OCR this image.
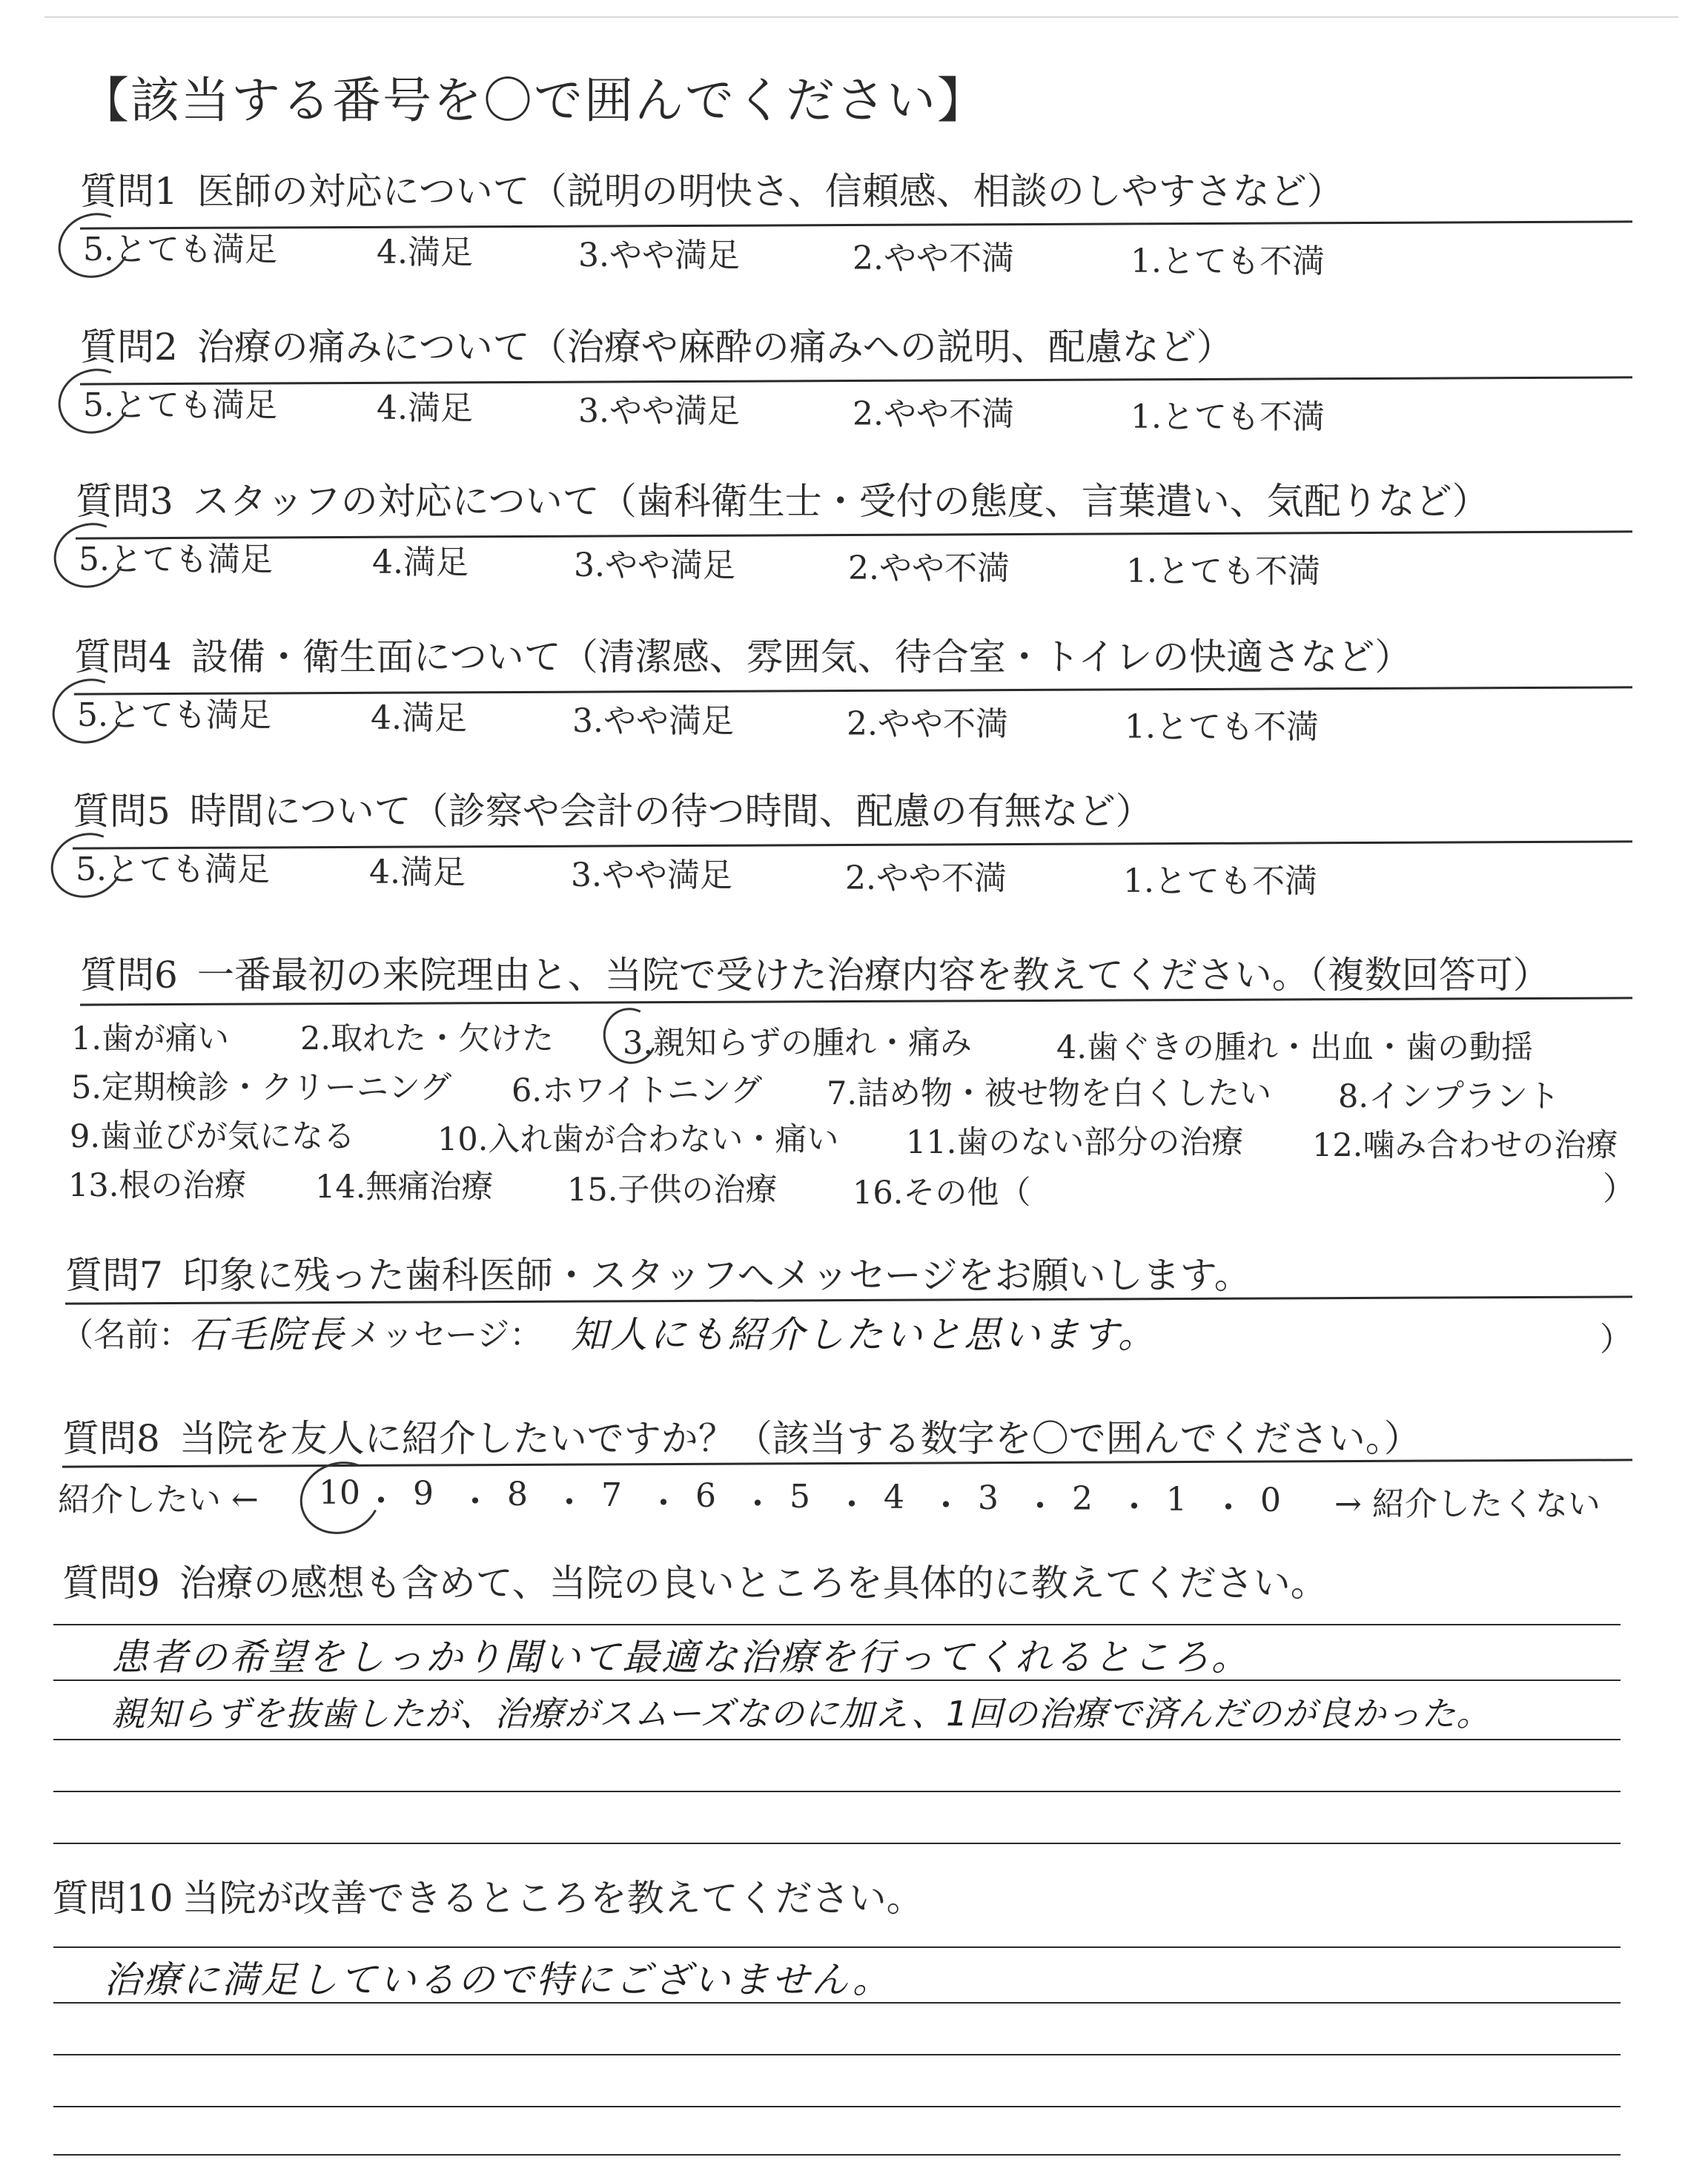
【該当する番号を〇で囲んでください】
質問1 医師の対応について（説明の明快さ、信頼感、相談のしやすさなど）
5.とても満足	4.満足	3.やや満足	2.やや不満	1.とても不満
質問2 治療の痛みについて（治療や麻酔の痛みへの説明、配慮など）
5.とても満足	4.満足	3.やや満足	2.やや不満	1.とても不満
質問3 スタッフの対応について（歯科衛生士・受付の態度、言葉遣い、気配りなど）
5.とても満足	4.満足	3.やや満足	2.やや不満	1.とても不満
質問4 設備・衛生面について（清潔感、雰囲気、待合室・トイレの快適さなど）
5.とても満足	4.満足	3.やや満足	2.やや不満	1.とても不満
質問5 時間について（診察や会計の待つ時間、配慮の有無など）
5.とても満足	4.満足	3.やや満足	2.やや不満	1.とても不満
質問6 一番最初の来院理由と、当院で受けた治療内容を教えてください。（複数回答可）
1.歯が痛い 2.取れた・欠けた 3.親知らずの腫れ・痛み	4.歯ぐきの腫れ・出血・歯の動揺
5.定期検診・クリーニング 6.ホワイトニング 7.詰め物・被せ物を白くしたい 8.インプラント
9.歯並びが気になる	10.入れ歯が合わない・痛い 11.歯のない部分の治療 12.噛み合わせの治療
13.根の治療 14.無痛治療 15.子供の治療 16.その他（	）
質問7 印象に残った歯科医師・スタッフへメッセージをお願いします。
（名前：
石毛院長 メッセージ： 知人にも紹介したいと思います。	）
質問8 当院を友人に紹介したいですか？（該当する数字を〇で囲んでください。）
紹介したい ← 10 ・ 9 ・ 8 ・ 7 ・ 6 ・ 5 ・ 4 ・ 3 ・ 2 ・ 1 ・ 0 → 紹介したくない
質問9 治療の感想も含めて、当院の良いところを具体的に教えてください。
患者の希望をしっかり聞いて最適な治療を行ってくれるところ。
親知らずを抜歯したが、治療がスムーズなのに加え、1回の治療で済んだのが良かった。
質問10 当院が改善できるところを教えてください。
治療に満足しているので特にございません。
